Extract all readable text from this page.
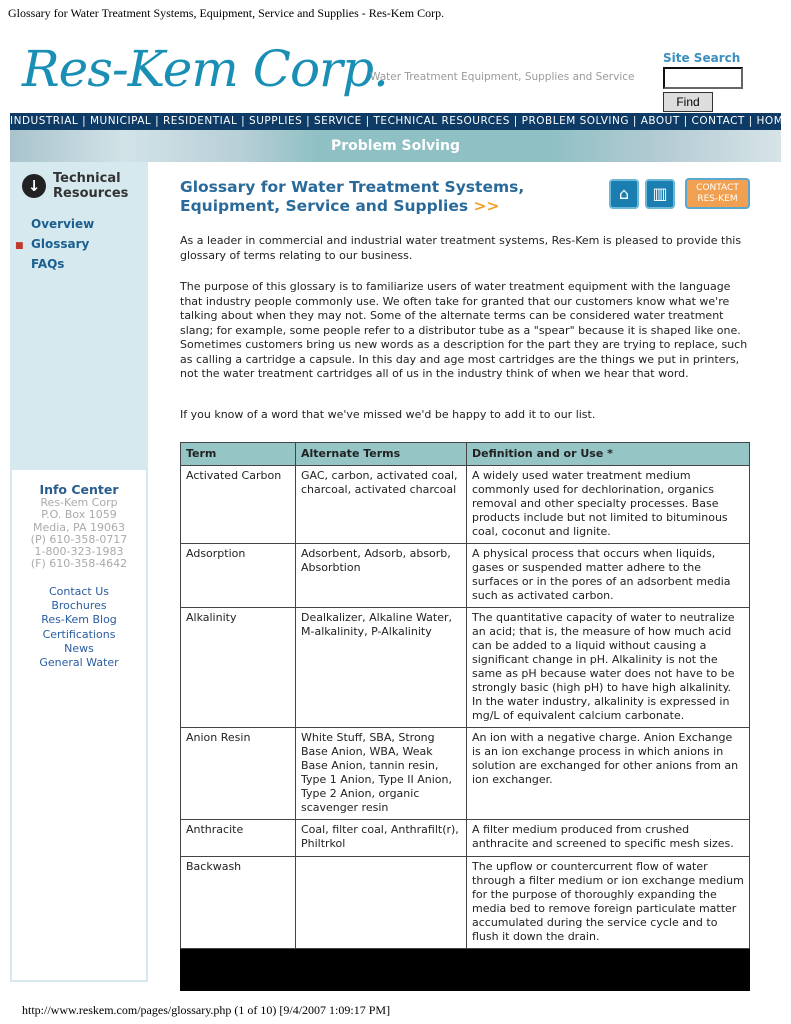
Glossary for Water Treatment Systems, Equipment, Service and Supplies - Res-Kem Corp.
Res-Kem Corp.
Water Treatment Equipment, Supplies and Service
Site Search
Find
INDUSTRIAL | MUNICIPAL | RESIDENTIAL | SUPPLIES | SERVICE | TECHNICAL RESOURCES | PROBLEM SOLVING | ABOUT | CONTACT | HOME
Problem Solving
↓ Technical
Resources
Overview
■ Glossary
FAQs
Info Center
Res-Kem Corp
P.O. Box 1059
Media, PA 19063
(P) 610-358-0717
1-800-323-1983
(F) 610-358-4642
Contact Us
Brochures
Res-Kem Blog
Certifications
News
General Water
Glossary for Water Treatment Systems,
Equipment, Service and Supplies >>
⌂	▥	CONTACT
RES-KEM

As a leader in commercial and industrial water treatment systems, Res-Kem is pleased to provide this glossary of terms relating to our business.

The purpose of this glossary is to familiarize users of water treatment equipment with the language that industry people commonly use. We often take for granted that our customers know what we're talking about when they may not. Some of the alternate terms can be considered water treatment slang; for example, some people refer to a distributor tube as a "spear" because it is shaped like one. Sometimes customers bring us new words as a description for the part they are trying to replace, such as calling a cartridge a capsule. In this day and age most cartridges are the things we put in printers, not the water treatment cartridges all of us in the industry think of when we hear that word.

If you know of a word that we've missed we'd be happy to add it to our list.

Term	Alternate Terms	Definition and or Use *
Activated Carbon	GAC, carbon, activated coal, charcoal, activated charcoal	A widely used water treatment medium commonly used for dechlorination, organics removal and other specialty processes. Base products include but not limited to bituminous coal, coconut and lignite.
Adsorption	Adsorbent, Adsorb, absorb, Absorbtion	A physical process that occurs when liquids, gases or suspended matter adhere to the surfaces or in the pores of an adsorbent media such as activated carbon.
Alkalinity	Dealkalizer, Alkaline Water, M-alkalinity, P-Alkalinity	The quantitative capacity of water to neutralize an acid; that is, the measure of how much acid can be added to a liquid without causing a significant change in pH. Alkalinity is not the same as pH because water does not have to be strongly basic (high pH) to have high alkalinity. In the water industry, alkalinity is expressed in mg/L of equivalent calcium carbonate.
Anion Resin	White Stuff, SBA, Strong Base Anion, WBA, Weak Base Anion, tannin resin, Type 1 Anion, Type II Anion, Type 2 Anion, organic scavenger resin	An ion with a negative charge. Anion Exchange is an ion exchange process in which anions in solution are exchanged for other anions from an ion exchanger.
Anthracite	Coal, filter coal, Anthrafilt(r), Philtrkol	A filter medium produced from crushed anthracite and screened to specific mesh sizes.
Backwash		The upflow or countercurrent flow of water through a filter medium or ion exchange medium for the purpose of thoroughly expanding the media bed to remove foreign particulate matter accumulated during the service cycle and to flush it down the drain.
http://www.reskem.com/pages/glossary.php (1 of 10) [9/4/2007 1:09:17 PM]
